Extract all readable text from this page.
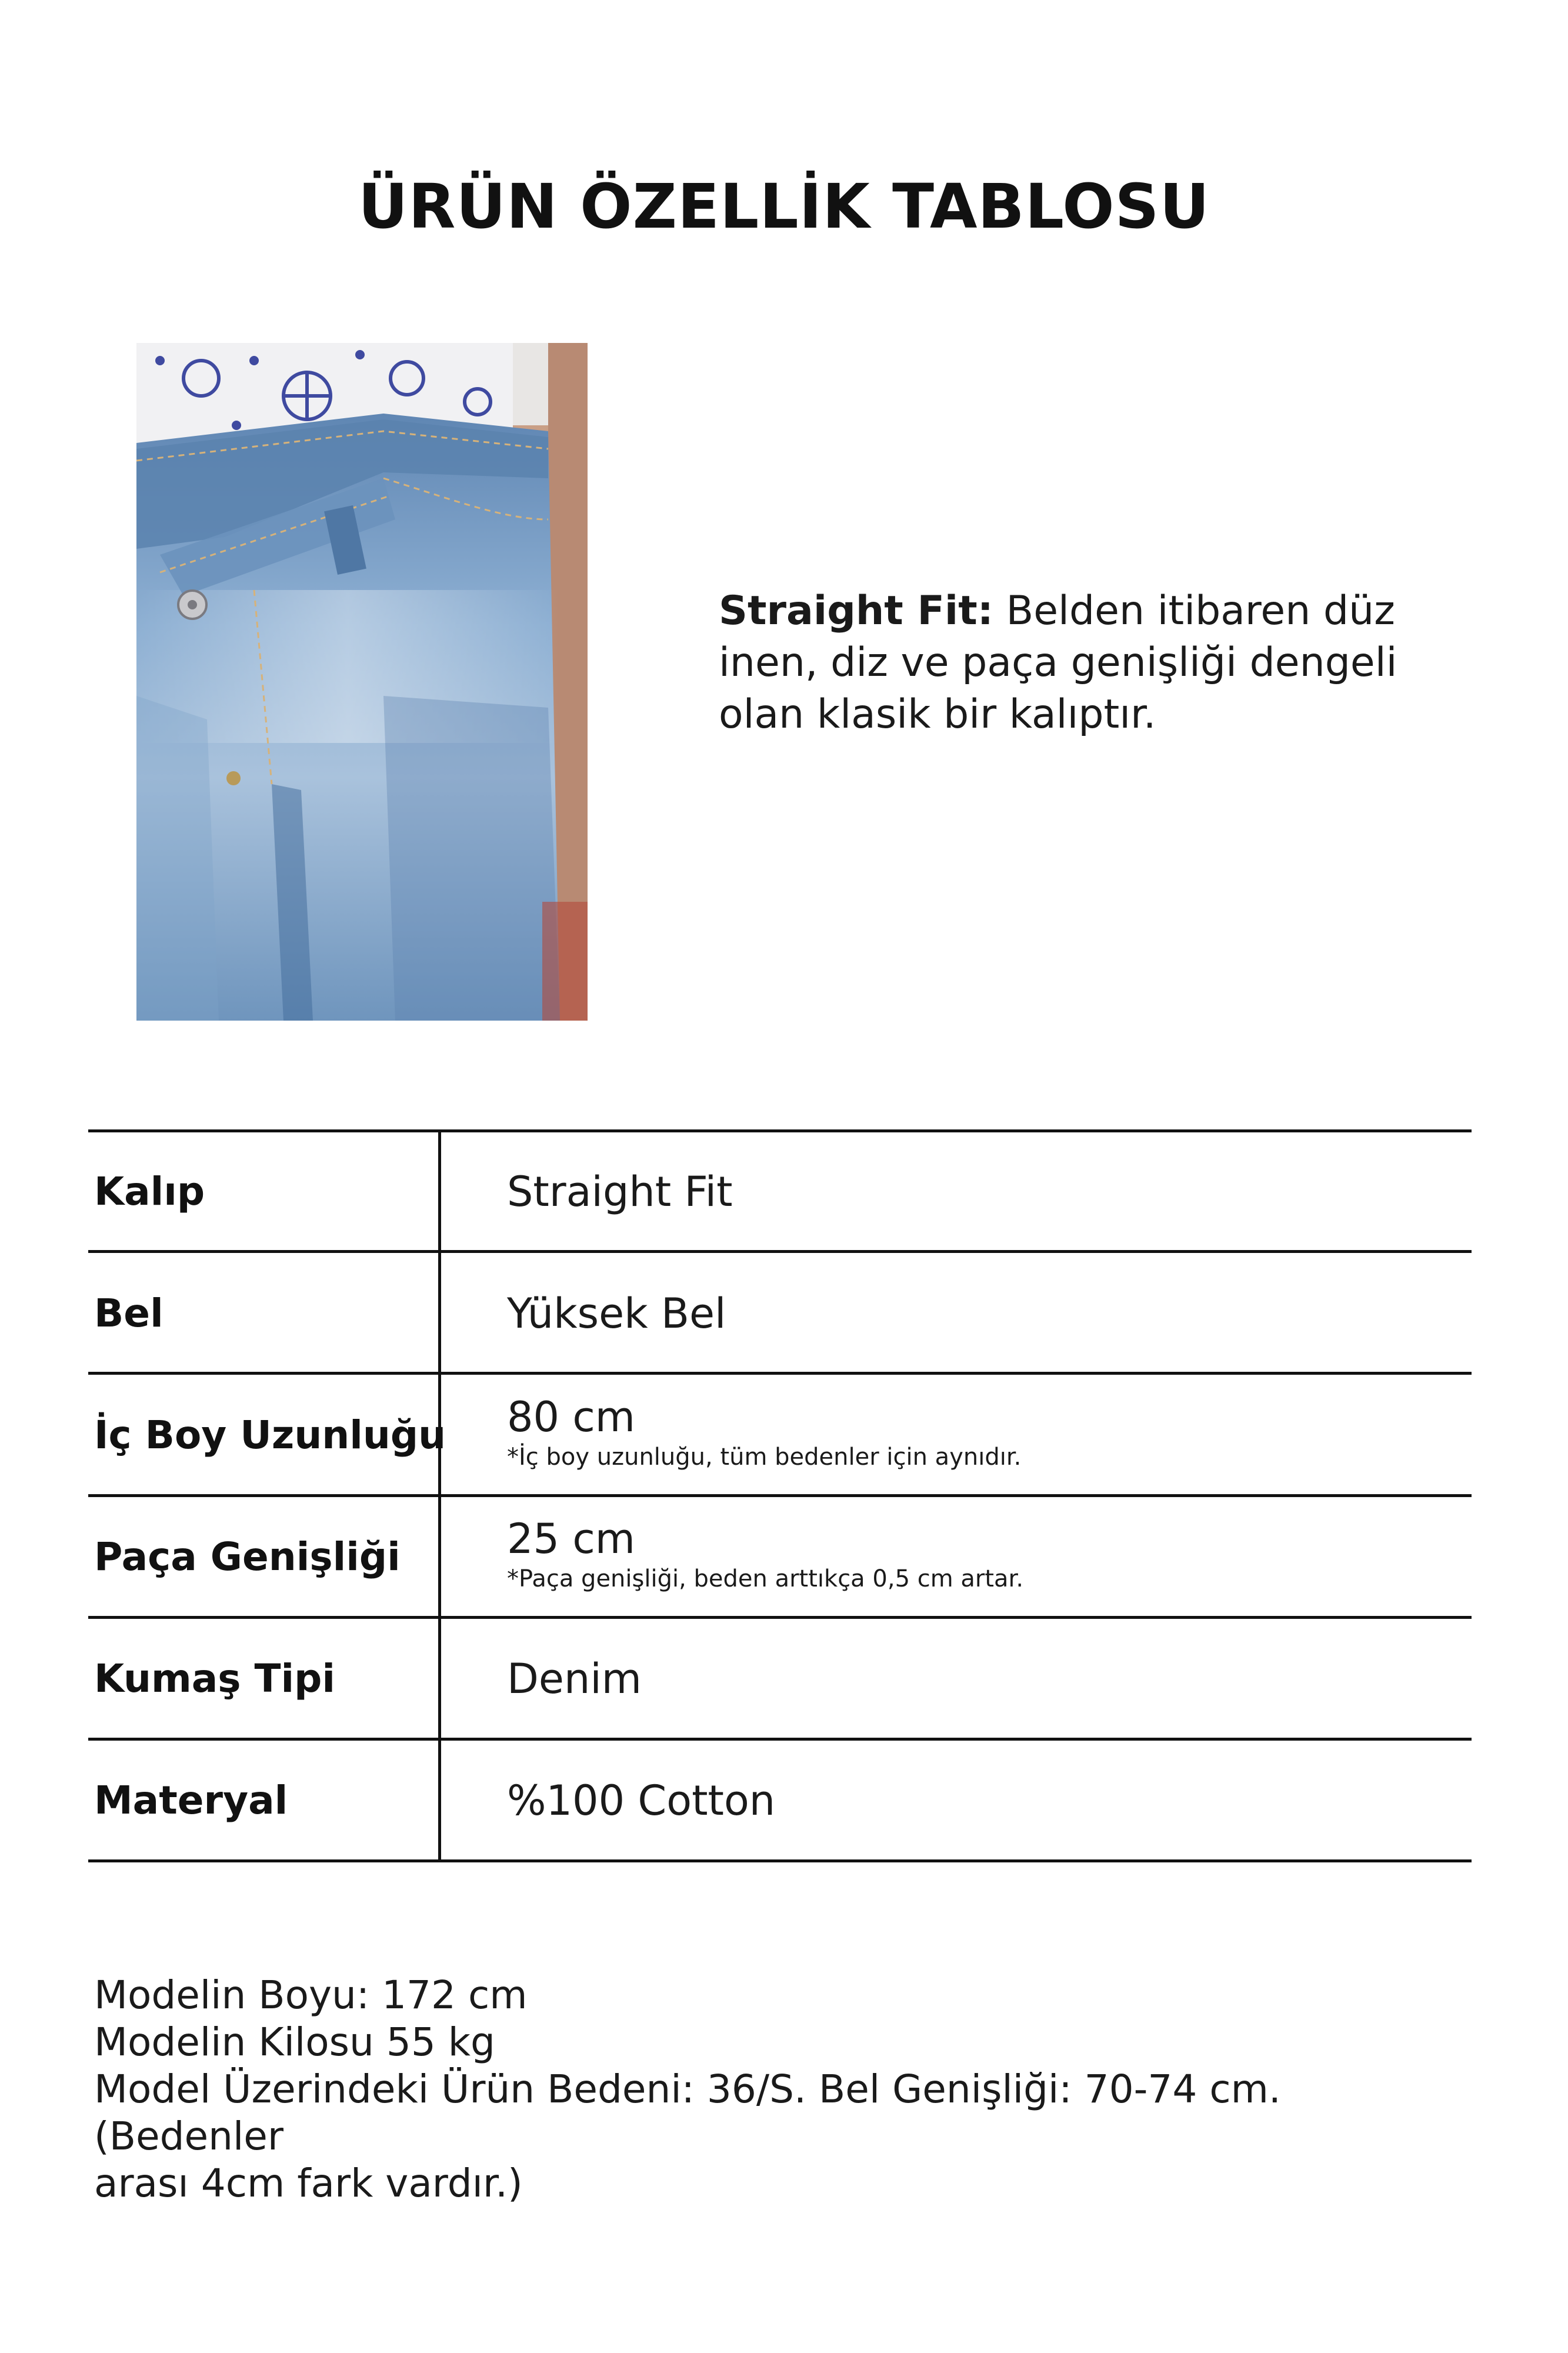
ÜRÜN ÖZELLİK TABLOSU
Straight Fit: Belden itibaren düz inen, diz ve paça genişliği dengeli olan klasik bir kalıptır.
Kalıp	Straight Fit
Bel	Yüksek Bel
İç Boy Uzunluğu 80 cm
*İç boy uzunluğu, tüm bedenler için aynıdır.
Paça Genişliği	25 cm
*Paça genişliği, beden arttıkça 0,5 cm artar.
Kumaş Tipi	Denim
Materyal	%100 Cotton
Modelin Boyu: 172 cm
Modelin Kilosu 55 kg
Model Üzerindeki Ürün Bedeni: 36/S. Bel Genişliği: 70-74 cm. (Bedenler
arası 4cm fark vardır.)
